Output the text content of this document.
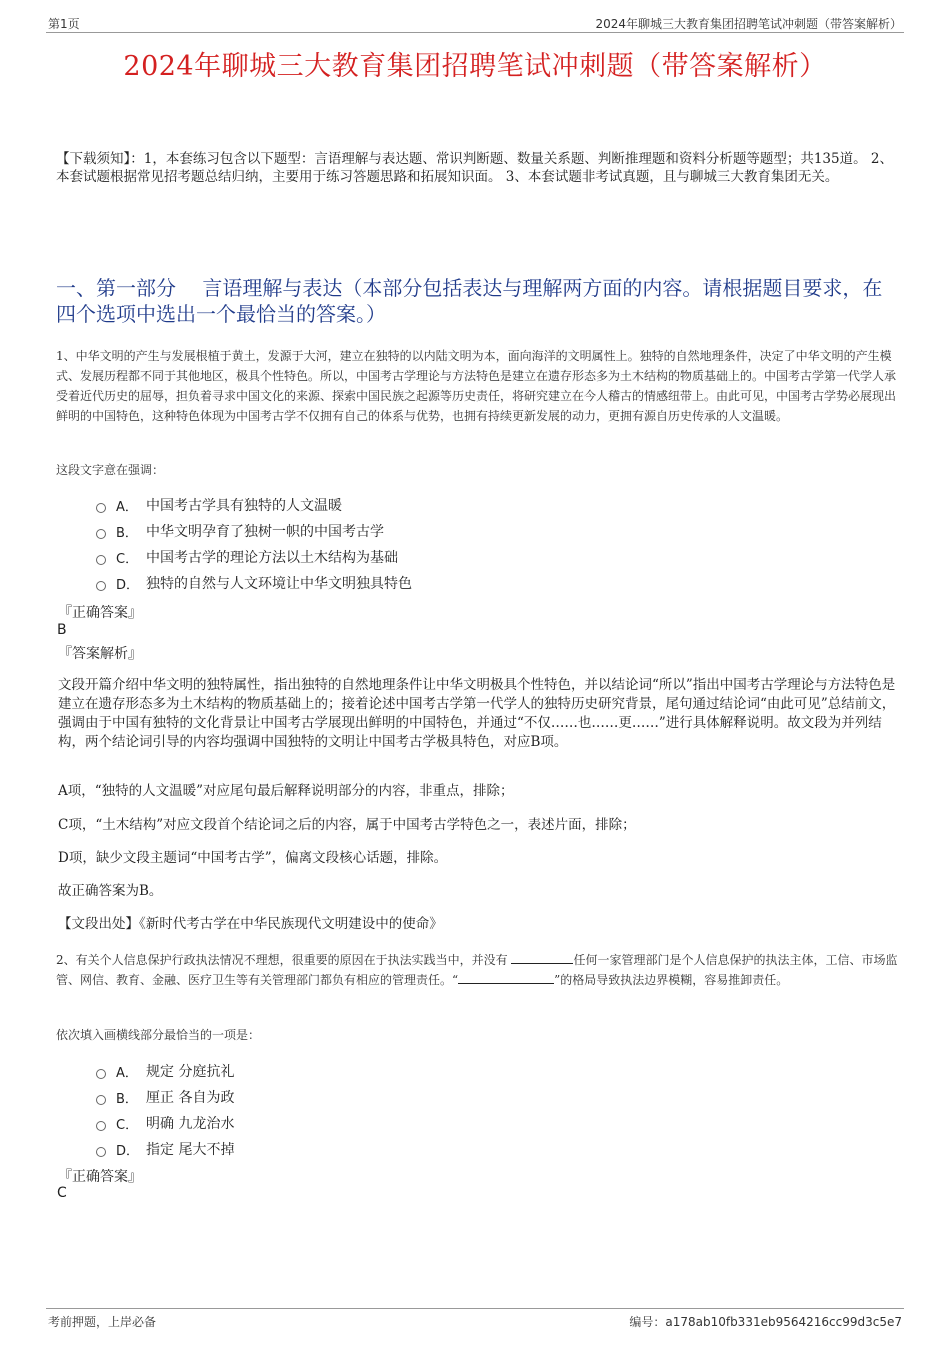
第1页	2024年聊城三大教育集团招聘笔试冲刺题（带答案解析）
2024年聊城三大教育集团招聘笔试冲刺题（带答案解析）
【下载须知】：1，本套练习包含以下题型：言语理解与表达题、常识判断题、数量关系题、判断推理题和资料分析题等题型；共135道。 2、本套试题根据常见招考题总结归纳，主要用于练习答题思路和拓展知识面。 3、本套试题非考试真题，且与聊城三大教育集团无关。
一、第一部分　 言语理解与表达（本部分包括表达与理解两方面的内容。请根据题目要求，在四个选项中选出一个最恰当的答案。）
1、中华文明的产生与发展根植于黄土，发源于大河，建立在独特的以内陆文明为本，面向海洋的文明属性上。独特的自然地理条件，决定了中华文明的产生模式、发展历程都不同于其他地区，极具个性特色。所以，中国考古学理论与方法特色是建立在遗存形态多为土木结构的物质基础上的。中国考古学第一代学人承受着近代历史的屈辱，担负着寻求中国文化的来源、探索中国民族之起源等历史责任，将研究建立在今人稽古的情感纽带上。由此可见，中国考古学势必展现出鲜明的中国特色，这种特色体现为中国考古学不仅拥有自己的体系与优势，也拥有持续更新发展的动力，更拥有源自历史传承的人文温暖。
这段文字意在强调：
A． 中国考古学具有独特的人文温暖
B． 中华文明孕育了独树一帜的中国考古学
C． 中国考古学的理论方法以土木结构为基础
D． 独特的自然与人文环境让中华文明独具特色
『正确答案』
B
『答案解析』
文段开篇介绍中华文明的独特属性，指出独特的自然地理条件让中华文明极具个性特色，并以结论词“所以”指出中国考古学理论与方法特色是建立在遗存形态多为土木结构的物质基础上的；接着论述中国考古学第一代学人的独特历史研究背景，尾句通过结论词“由此可见”总结前文，强调由于中国有独特的文化背景让中国考古学展现出鲜明的中国特色，并通过“不仅……也……更……”进行具体解释说明。故文段为并列结构，两个结论词引导的内容均强调中国独特的文明让中国考古学极具特色，对应B项。
A项，“独特的人文温暖”对应尾句最后解释说明部分的内容，非重点，排除；
C项，“土木结构”对应文段首个结论词之后的内容，属于中国考古学特色之一，表述片面，排除；
D项，缺少文段主题词“中国考古学”，偏离文段核心话题，排除。
故正确答案为B。
【文段出处】《新时代考古学在中华民族现代文明建设中的使命》
2、有关个人信息保护行政执法情况不理想，很重要的原因在于执法实践当中，并没有	任何一家管理部门是个人信息保护的执法主体，工信、市场监管、网信、教育、金融、医疗卫生等有关管理部门都负有相应的管理责任。“	”的格局导致执法边界模糊，容易推卸责任。
依次填入画横线部分最恰当的一项是：
A． 规定 分庭抗礼
B． 厘正 各自为政
C． 明确 九龙治水
D． 指定 尾大不掉
『正确答案』
C
考前押题，上岸必备	编号：a178ab10fb331eb9564216cc99d3c5e7
